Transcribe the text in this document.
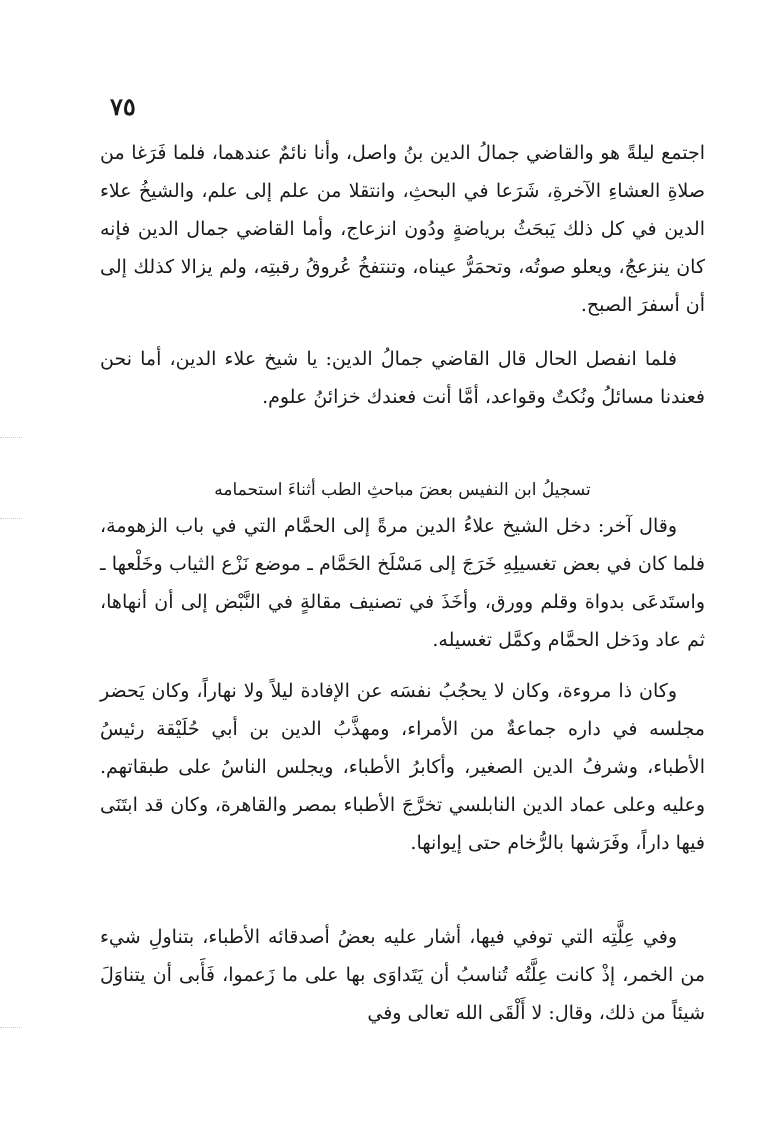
٧٥

اجتمع ليلةً هو والقاضي جمالُ الدين بنُ واصل، وأنا نائمٌ عندهما، فلما فَرَغا من صلاةِ العشاءِ الآخرةِ، شَرَعا في البحثِ، وانتقلا من علم إلى علم، والشيخُ علاء الدين في كل ذلك يَبحَثُ برياضةٍ ودُون انزعاج، وأما القاضي جمال الدين فإنه كان ينزعجُ، ويعلو صوتُه، وتحمَرُّ عيناه، وتنتفخُ عُروقُ رقبتِه، ولم يزالا كذلك إلى أن أسفرَ الصبح.

فلما انفصل الحال قال القاضي جمالُ الدين: يا شيخ علاء الدين، أما نحن فعندنا مسائلُ ونُكتٌ وقواعد، أمَّا أنت فعندك خزائنُ علوم.

تسجيلُ ابن النفيس بعضَ مباحثِ الطب أثناءَ استحمامه

وقال آخر: دخل الشيخ علاءُ الدين مرةً إلى الحمَّام التي في باب الزهومة، فلما كان في بعض تغسيلِهِ خَرَجَ إلى مَسْلَخ الحَمَّام ـ موضع نَزْع الثياب وخَلْعها ـ واستَدعَى بدواة وقلم وورق، وأخَذَ في تصنيف مقالةٍ في النَّبْض إلى أن أنهاها، ثم عاد ودَخل الحمَّام وكمَّل تغسيله.

وكان ذا مروءة، وكان لا يحجُبُ نفسَه عن الإفادة ليلاً ولا نهاراً، وكان يَحضر مجلسه في داره جماعةٌ من الأمراء، ومهذَّبُ الدين بن أبي حُلَيْقة رئيسُ الأطباء، وشرفُ الدين الصغير، وأكابرُ الأطباء، ويجلس الناسُ على طبقاتهم. وعليه وعلى عماد الدين النابلسي تخرَّجَ الأطباء بمصر والقاهرة، وكان قد ابتَنَى فيها داراً، وفَرَشها بالرُّخام حتى إيوانها.

وفي عِلَّتِه التي توفي فيها، أشار عليه بعضُ أصدقائه الأطباء، بتناولِ شيء من الخمر، إذْ كانت عِلَّتُه تُناسبُ أن يَتَداوَى بها على ما زَعموا، فَأَبى أن يتناوَلَ شيئاً من ذلك، وقال: لا أَلْقَى الله تعالى وفي
